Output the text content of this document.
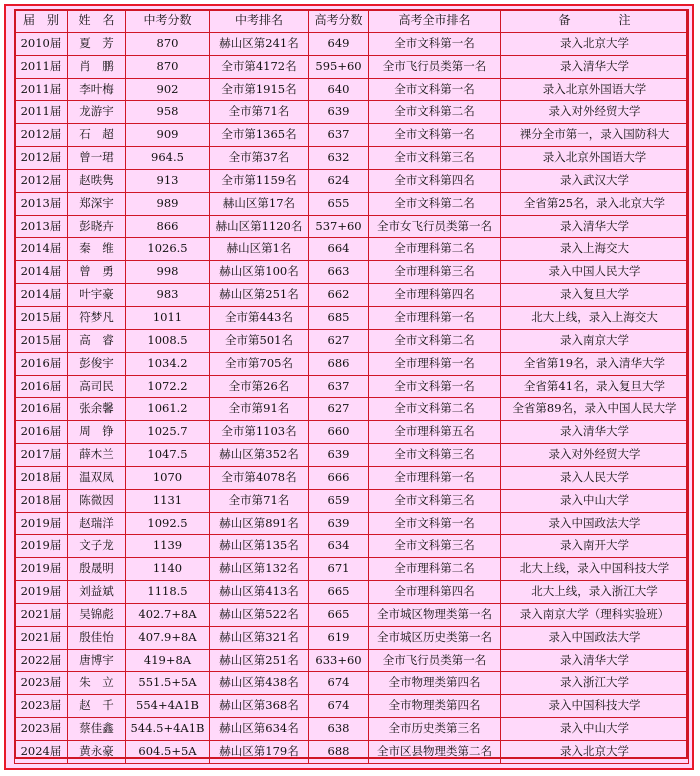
届　别	姓　名	中考分数	中考排名	高考分数	高考全市排名	备　　　　注
2010届	夏　芳	870	赫山区第241名	649	全市文科第一名	录入北京大学
2011届	肖　鹏	870	全市第4172名	595+60	全市飞行员类第一名	录入清华大学
2011届	李叶梅	902	全市第1915名	640	全市文科第一名	录入北京外国语大学
2011届	龙游宇	958	全市第71名	639	全市文科第二名	录入对外经贸大学
2012届	石　超	909	全市第1365名	637	全市文科第一名	裸分全市第一，录入国防科大
2012届	曾一珺	964.5	全市第37名	632	全市文科第三名	录入北京外国语大学
2012届	赵昳隽	913	全市第1159名	624	全市文科第四名	录入武汉大学
2013届	郑深宇	989	赫山区第17名	655	全市文科第二名	全省第25名，录入北京大学
2013届	彭晓卉	866	赫山区第1120名	537+60	全市女飞行员类第一名	录入清华大学
2014届	秦　维	1026.5	赫山区第1名	664	全市理科第二名	录入上海交大
2014届	曾　勇	998	赫山区第100名	663	全市理科第三名	录入中国人民大学
2014届	叶宇豪	983	赫山区第251名	662	全市理科第四名	录入复旦大学
2015届	符梦凡	1011	全市第443名	685	全市理科第一名	北大上线，录入上海交大
2015届	高　睿	1008.5	全市第501名	627	全市文科第二名	录入南京大学
2016届	彭俊宇	1034.2	全市第705名	686	全市理科第一名	全省第19名，录入清华大学
2016届	高司民	1072.2	全市第26名	637	全市文科第一名	全省第41名，录入复旦大学
2016届	张余馨	1061.2	全市第91名	627	全市文科第二名	全省第89名，录入中国人民大学
2016届	周　铮	1025.7	全市第1103名	660	全市理科第五名	录入清华大学
2017届	薛木兰	1047.5	赫山区第352名	639	全市文科第三名	录入对外经贸大学
2018届	温双凤	1070	全市第4078名	666	全市理科第一名	录入人民大学
2018届	陈微因	1131	全市第71名	659	全市文科第三名	录入中山大学
2019届	赵瑞洋	1092.5	赫山区第891名	639	全市文科第一名	录入中国政法大学
2019届	文子龙	1139	赫山区第135名	634	全市文科第三名	录入南开大学
2019届	殷晟明	1140	赫山区第132名	671	全市理科第二名	北大上线，录入中国科技大学
2019届	刘益斌	1118.5	赫山区第413名	665	全市理科第四名	北大上线，录入浙江大学
2021届	吴锦彪	402.7+8A	赫山区第522名	665	全市城区物理类第一名	录入南京大学（理科实验班）
2021届	殷佳怡	407.9+8A	赫山区第321名	619	全市城区历史类第一名	录入中国政法大学
2022届	唐博宇	419+8A	赫山区第251名	633+60	全市飞行员类第一名	录入清华大学
2023届	朱　立	551.5+5A	赫山区第438名	674	全市物理类第四名	录入浙江大学
2023届	赵　千	554+4A1B	赫山区第368名	674	全市物理类第四名	录入中国科技大学
2023届	蔡佳鑫	544.5+4A1B	赫山区第634名	638	全市历史类第三名	录入中山大学
2024届	黄永豪	604.5+5A	赫山区第179名	688	全市区县物理类第二名	录入北京大学
